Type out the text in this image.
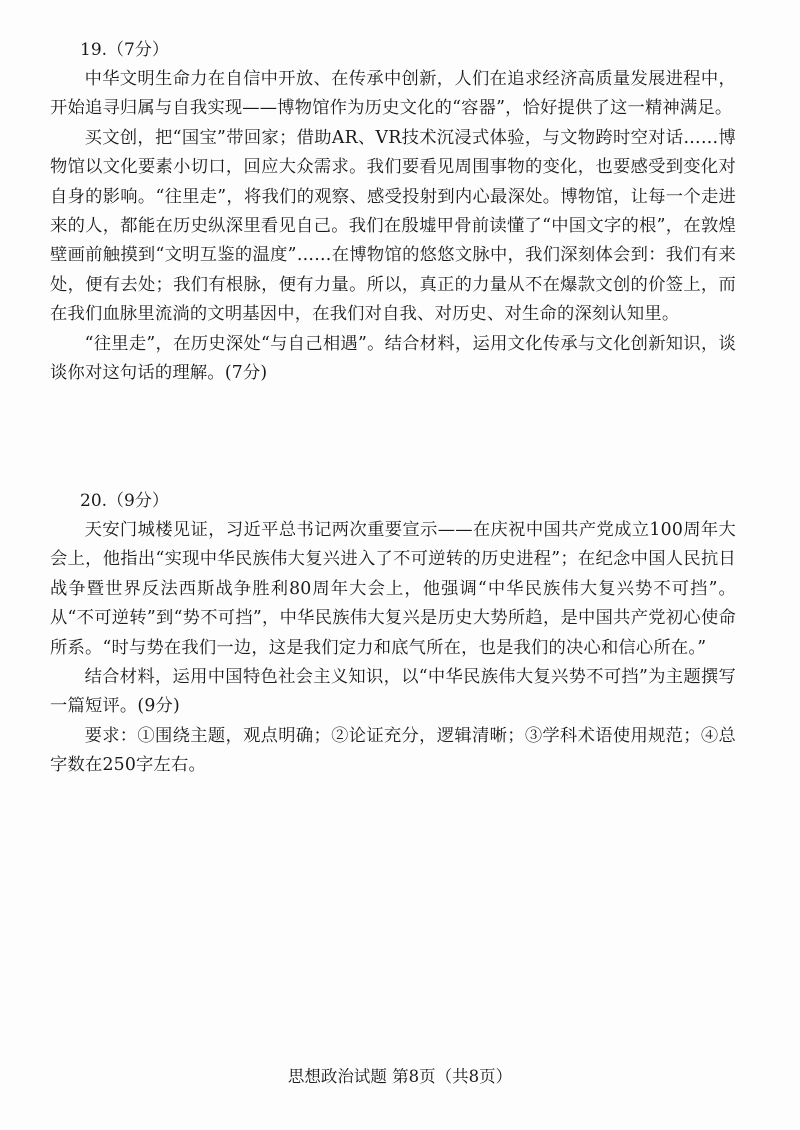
19.（7分）

中华文明生命力在自信中开放、在传承中创新，人们在追求经济高质量发展进程中，开始追寻归属与自我实现——博物馆作为历史文化的“容器”，恰好提供了这一精神满足。

买文创，把“国宝”带回家；借助AR、VR技术沉浸式体验，与文物跨时空对话……博物馆以文化要素小切口，回应大众需求。我们要看见周围事物的变化，也要感受到变化对自身的影响。“往里走”，将我们的观察、感受投射到内心最深处。博物馆，让每一个走进来的人，都能在历史纵深里看见自己。我们在殷墟甲骨前读懂了“中国文字的根”，在敦煌壁画前触摸到“文明互鉴的温度”……在博物馆的悠悠文脉中，我们深刻体会到：我们有来处，便有去处；我们有根脉，便有力量。所以，真正的力量从不在爆款文创的价签上，而在我们血脉里流淌的文明基因中，在我们对自我、对历史、对生命的深刻认知里。

“往里走”，在历史深处“与自己相遇”。结合材料，运用文化传承与文化创新知识，谈谈你对这句话的理解。(7分)

20.（9分）

天安门城楼见证，习近平总书记两次重要宣示——在庆祝中国共产党成立100周年大会上，他指出“实现中华民族伟大复兴进入了不可逆转的历史进程”；在纪念中国人民抗日战争暨世界反法西斯战争胜利80周年大会上，他强调“中华民族伟大复兴势不可挡”。从“不可逆转”到“势不可挡”，中华民族伟大复兴是历史大势所趋，是中国共产党初心使命所系。“时与势在我们一边，这是我们定力和底气所在，也是我们的决心和信心所在。”

结合材料，运用中国特色社会主义知识，以“中华民族伟大复兴势不可挡”为主题撰写一篇短评。(9分)

要求：①围绕主题，观点明确；②论证充分，逻辑清晰；③学科术语使用规范；④总字数在250字左右。

思想政治试题 第8页（共8页）
